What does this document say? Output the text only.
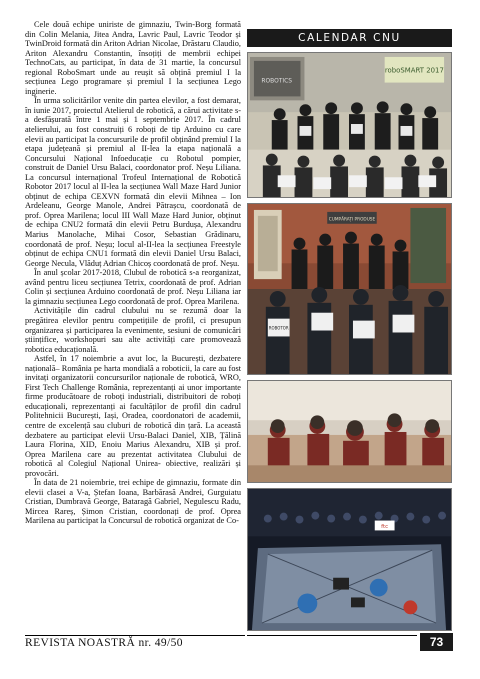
Cele două echipe uniriste de gimnaziu, Twin-Borg formată din Colin Melania, Jitea Andra, Lavric Paul, Lavric Teodor și TwinDroid formată din Ariton Adrian Nicolae, Drăstaru Claudio, Ariton Alexandru Constantin, însoțiți de membrii echipei TechnoCats, au participat, în data de 31 martie, la concursul regional RoboSmart unde au reușit să obțină premiul I la secțiunea Lego programare și premiul I la secțiunea Lego inginerie.

În urma solicitărilor venite din partea elevilor, a fost demarat, în iunie 2017, proiectul Atelierul de robotică, a cărui activitate s-a desfășurată între 1 mai și 1 septembrie 2017. În cadrul atelierului, au fost construiți 6 roboți de tip Arduino cu care elevii au participat la concursurile de profil obținând premiul I la etapa județeană și premiul al II-lea la etapa națională a Concursului Național Infoeducație cu Robotul pompier, construit de Daniel Ursu Balaci, coordonator prof. Neșu Liliana. La concursul internațional Trofeul Internațional de Robotică Robotor 2017 locul al II-lea la secțiunea Wall Maze Hard Junior obținut de echipa CEXVN formată din elevii Mihnea – Ion Ardeleanu, George Manole, Andrei Pătrașcu, coordonată de prof. Oprea Marilena; locul III Wall Maze Hard Junior, obținut de echipa CNU2 formată din elevii Petru Burdușa, Alexandru Marius Manolache, Mihai Cosor, Sebastian Grădinaru, coordonată de prof. Neșu; locul al-II-lea la secțiunea Freestyle obținut de echipa CNU1 formată din elevii Daniel Ursu Balaci, George Necula, Vlăduț Adrian Chicoș coordonată de prof. Neșu.

În anul școlar 2017-2018, Clubul de robotică s-a reorganizat, având pentru liceu secțiunea Tetrix, coordonată de prof. Adrian Colin și secțiunea Arduino coordonată de prof. Neșu Liliana iar la gimnaziu secțiunea Lego coordonată de prof. Oprea Marilena.

Activitățile din cadrul clubului nu se rezumă doar la pregătirea elevilor pentru competițiile de profil, ci presupun organizarea și participarea la evenimente, sesiuni de comunicări științifice, workshopuri sau alte activități care promovează robotica educațională.

Astfel, în 17 noiembrie a avut loc, la București, dezbatere națională– România pe harta mondială a roboticii, la care au fost invitați organizatorii concursurilor naționale de robotică, WRO, First Tech Challenge România, reprezentanți ai unor importante firme producătoare de roboți industriali, distribuitori de roboți educaționali, reprezentanți ai facultăților de profil din cadrul Politehnicii București, Iași, Oradea, coordonatori de academii, centre de excelență sau cluburi de robotică din țară. La această dezbatere au participat elevii Ursu-Balaci Daniel, XIB, Țălină Laura Florina, XID, Enoiu Marius Alexandru, XIB și prof. Oprea Marilena care au prezentat activitatea Clubului de robotică al Colegiul Național Unirea- obiective, realizări și provocări.

În data de 21 noiembrie, trei echipe de gimnaziu, formate din elevii clasei a V-a, Ștefan Ioana, Barbărasă Andrei, Gurguiatu Cristian, Dumbravă George, Bataragă Gabriel, Negulescu Radu, Mircea Rareș, Șimon Cristian, coordonați de prof. Oprea Marilena au participat la Concursul de robotică organizat de Co-

CALENDAR CNU
ROBOTICS
roboSMART 2017
CUMPĂRAȚI PRODUSE
ROBOTOR
ftc
REVISTA NOASTRĂ nr. 49/50	73
